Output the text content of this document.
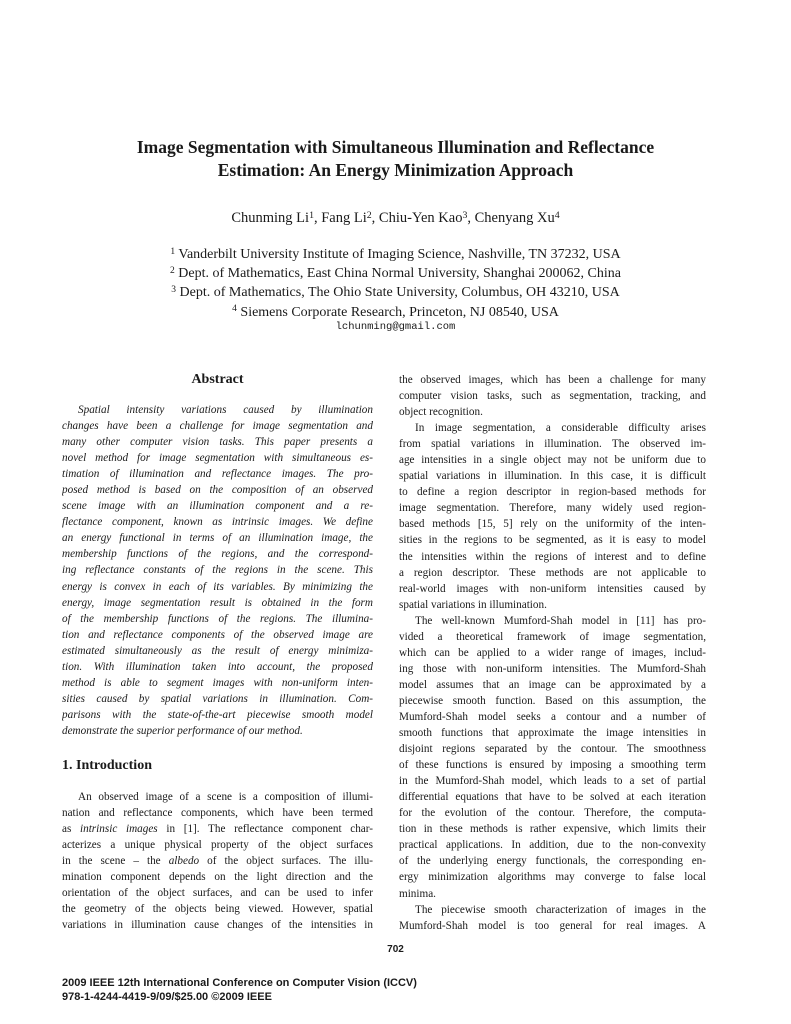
Image Segmentation with Simultaneous Illumination and Reflectance
Estimation: An Energy Minimization Approach
Chunming Li$^1$, Fang Li$^2$, Chiu-Yen Kao$^3$, Chenyang Xu$^4$
$^1$ Vanderbilt University Institute of Imaging Science, Nashville, TN 37232, USA
$^2$ Dept. of Mathematics, East China Normal University, Shanghai 200062, China
$^3$ Dept. of Mathematics, The Ohio State University, Columbus, OH 43210, USA
$^4$ Siemens Corporate Research, Princeton, NJ 08540, USA
lchunming@gmail.com
Abstract
Spatial intensity variations caused by illumination
changes have been a challenge for image segmentation and
many other computer vision tasks. This paper presents a
novel method for image segmentation with simultaneous es-
timation of illumination and reflectance images. The pro-
posed method is based on the composition of an observed
scene image with an illumination component and a re-
flectance component, known as intrinsic images. We define
an energy functional in terms of an illumination image, the
membership functions of the regions, and the correspond-
ing reflectance constants of the regions in the scene. This
energy is convex in each of its variables. By minimizing the
energy, image segmentation result is obtained in the form
of the membership functions of the regions. The illumina-
tion and reflectance components of the observed image are
estimated simultaneously as the result of energy minimiza-
tion. With illumination taken into account, the proposed
method is able to segment images with non-uniform inten-
sities caused by spatial variations in illumination. Com-
parisons with the state-of-the-art piecewise smooth model
demonstrate the superior performance of our method.
1. Introduction
An observed image of a scene is a composition of illumi-
nation and reflectance components, which have been termed
as intrinsic images in [1]. The reflectance component char-
acterizes a unique physical property of the object surfaces
in the scene – the albedo of the object surfaces. The illu-
mination component depends on the light direction and the
orientation of the object surfaces, and can be used to infer
the geometry of the objects being viewed. However, spatial
variations in illumination cause changes of the intensities in
the observed images, which has been a challenge for many
computer vision tasks, such as segmentation, tracking, and
object recognition.
In image segmentation, a considerable difficulty arises
from spatial variations in illumination. The observed im-
age intensities in a single object may not be uniform due to
spatial variations in illumination. In this case, it is difficult
to define a region descriptor in region-based methods for
image segmentation. Therefore, many widely used region-
based methods [15, 5] rely on the uniformity of the inten-
sities in the regions to be segmented, as it is easy to model
the intensities within the regions of interest and to define
a region descriptor. These methods are not applicable to
real-world images with non-uniform intensities caused by
spatial variations in illumination.
The well-known Mumford-Shah model in [11] has pro-
vided a theoretical framework of image segmentation,
which can be applied to a wider range of images, includ-
ing those with non-uniform intensities. The Mumford-Shah
model assumes that an image can be approximated by a
piecewise smooth function. Based on this assumption, the
Mumford-Shah model seeks a contour and a number of
smooth functions that approximate the image intensities in
disjoint regions separated by the contour. The smoothness
of these functions is ensured by imposing a smoothing term
in the Mumford-Shah model, which leads to a set of partial
differential equations that have to be solved at each iteration
for the evolution of the contour. Therefore, the computa-
tion in these methods is rather expensive, which limits their
practical applications. In addition, due to the non-convexity
of the underlying energy functionals, the corresponding en-
ergy minimization algorithms may converge to false local
minima.
The piecewise smooth characterization of images in the
Mumford-Shah model is too general for real images. A
702
2009 IEEE 12th International Conference on Computer Vision (ICCV)
978-1-4244-4419-9/09/$25.00 ©2009 IEEE
